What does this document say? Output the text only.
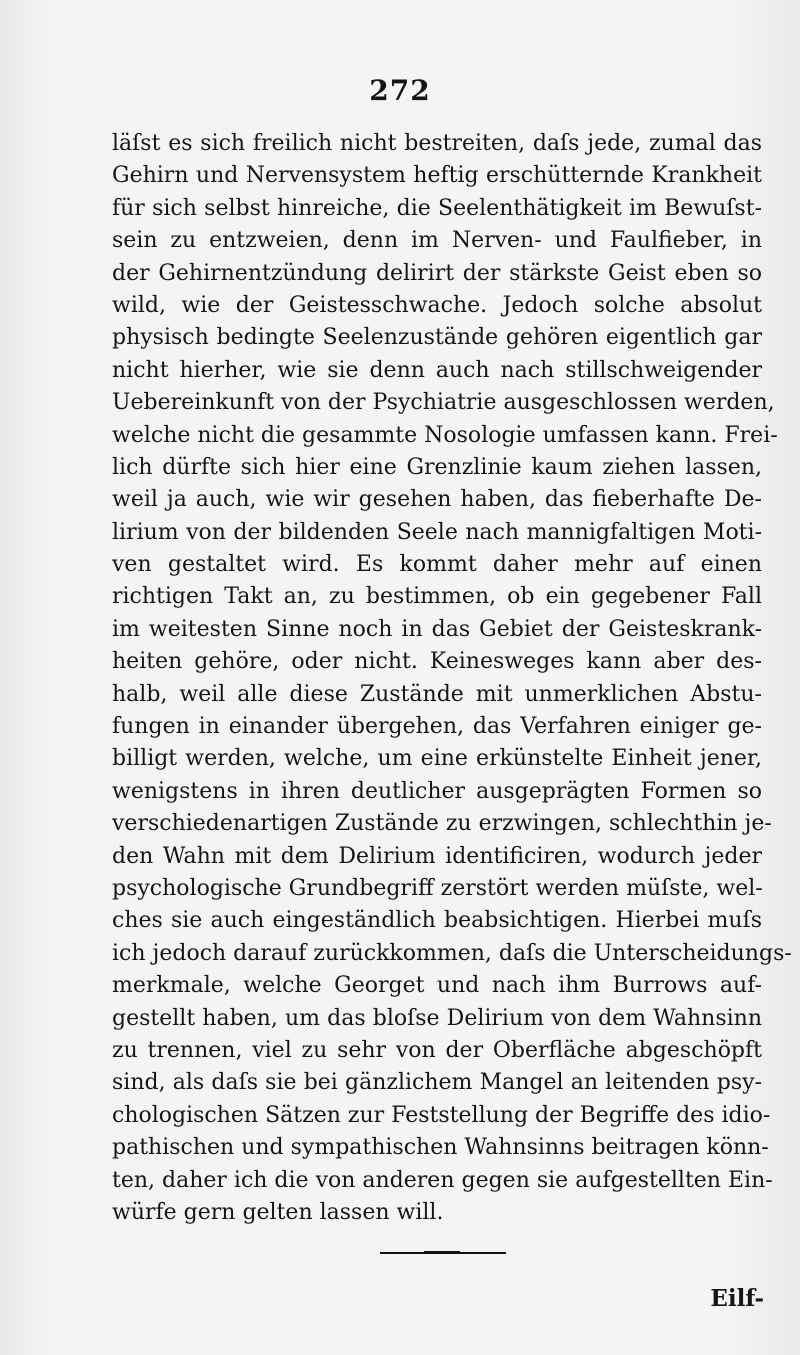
272
läſst es sich freilich nicht bestreiten, daſs jede, zumal das
Gehirn und Nervensystem heftig erschütternde Krankheit
für sich selbst hinreiche, die Seelenthätigkeit im Bewuſst-
sein zu entzweien, denn im Nerven- und Faulfieber, in
der Gehirnentzündung delirirt der stärkste Geist eben so
wild, wie der Geistesschwache. Jedoch solche absolut
physisch bedingte Seelenzustände gehören eigentlich gar
nicht hierher, wie sie denn auch nach stillschweigender
Uebereinkunft von der Psychiatrie ausgeschlossen werden,
welche nicht die gesammte Nosologie umfassen kann. Frei-
lich dürfte sich hier eine Grenzlinie kaum ziehen lassen,
weil ja auch, wie wir gesehen haben, das fieberhafte De-
lirium von der bildenden Seele nach mannigfaltigen Moti-
ven gestaltet wird. Es kommt daher mehr auf einen
richtigen Takt an, zu bestimmen, ob ein gegebener Fall
im weitesten Sinne noch in das Gebiet der Geisteskrank-
heiten gehöre, oder nicht. Keinesweges kann aber des-
halb, weil alle diese Zustände mit unmerklichen Abstu-
fungen in einander übergehen, das Verfahren einiger ge-
billigt werden, welche, um eine erkünstelte Einheit jener,
wenigstens in ihren deutlicher ausgeprägten Formen so
verschiedenartigen Zustände zu erzwingen, schlechthin je-
den Wahn mit dem Delirium identificiren, wodurch jeder
psychologische Grundbegriff zerstört werden müſste, wel-
ches sie auch eingeständlich beabsichtigen. Hierbei muſs
ich jedoch darauf zurückkommen, daſs die Unterscheidungs-
merkmale, welche Georget und nach ihm Burrows auf-
gestellt haben, um das bloſse Delirium von dem Wahnsinn
zu trennen, viel zu sehr von der Oberfläche abgeschöpft
sind, als daſs sie bei gänzlichem Mangel an leitenden psy-
chologischen Sätzen zur Feststellung der Begriffe des idio-
pathischen und sympathischen Wahnsinns beitragen könn-
ten, daher ich die von anderen gegen sie aufgestellten Ein-
würfe gern gelten lassen will.
Eilf-
